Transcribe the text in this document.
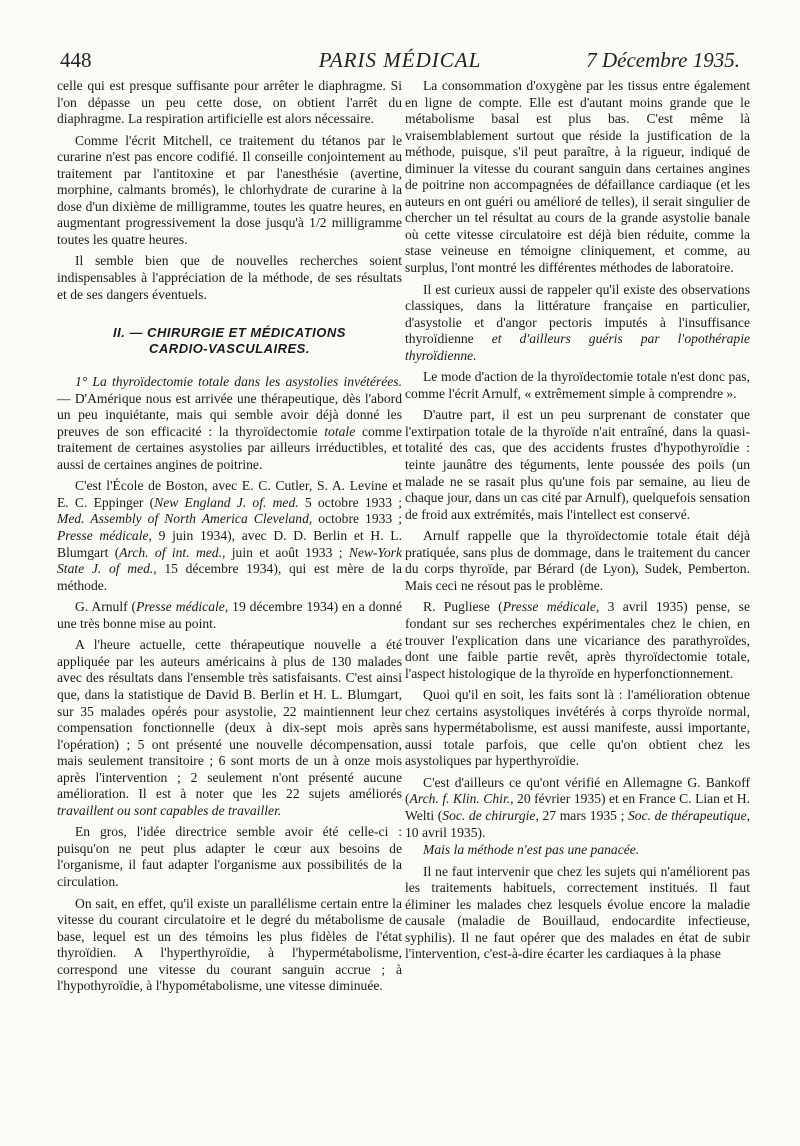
448	PARIS MÉDICAL	7 Décembre 1935.

celle qui est presque suffisante pour arrêter le diaphragme. Si l'on dépasse un peu cette dose, on obtient l'arrêt du diaphragme. La respiration artificielle est alors nécessaire.

Comme l'écrit Mitchell, ce traitement du tétanos par le curarine n'est pas encore codifié. Il conseille conjointement au traitement par l'antitoxine et par l'anesthésie (avertine, morphine, calmants bromés), le chlorhydrate de curarine à la dose d'un dixième de milligramme, toutes les quatre heures, en augmentant progressivement la dose jusqu'à 1/2 milligramme toutes les quatre heures.

Il semble bien que de nouvelles recherches soient indispensables à l'appréciation de la méthode, de ses résultats et de ses dangers éventuels.

II. — CHIRURGIE ET MÉDICATIONS
CARDIO-VASCULAIRES.

1° La thyroïdectomie totale dans les asystolies invétérées. — D'Amérique nous est arrivée une thérapeutique, dès l'abord un peu inquiétante, mais qui semble avoir déjà donné les preuves de son efficacité : la thyroïdectomie totale comme traitement de certaines asystolies par ailleurs irréductibles, et aussi de certaines angines de poitrine.

C'est l'École de Boston, avec E. C. Cutler, S. A. Levine et E. C. Eppinger (New England J. of. med. 5 octobre 1933 ; Med. Assembly of North America Cleveland, octobre 1933 ; Presse médicale, 9 juin 1934), avec D. D. Berlin et H. L. Blumgart (Arch. of int. med., juin et août 1933 ; New-York State J. of med., 15 décembre 1934), qui est mère de la méthode.

G. Arnulf (Presse médicale, 19 décembre 1934) en a donné une très bonne mise au point.

A l'heure actuelle, cette thérapeutique nouvelle a été appliquée par les auteurs américains à plus de 130 malades avec des résultats dans l'ensemble très satisfaisants. C'est ainsi que, dans la statistique de David B. Berlin et H. L. Blumgart, sur 35 malades opérés pour asystolie, 22 maintiennent leur compensation fonctionnelle (deux à dix-sept mois après l'opération) ; 5 ont présenté une nouvelle décompensation, mais seulement transitoire ; 6 sont morts de un à onze mois après l'intervention ; 2 seulement n'ont présenté aucune amélioration. Il est à noter que les 22 sujets améliorés travaillent ou sont capables de travailler.

En gros, l'idée directrice semble avoir été celle-ci : puisqu'on ne peut plus adapter le cœur aux besoins de l'organisme, il faut adapter l'organisme aux possibilités de la circulation.

On sait, en effet, qu'il existe un parallélisme certain entre la vitesse du courant circulatoire et le degré du métabolisme de base, lequel est un des témoins les plus fidèles de l'état thyroïdien. A l'hyperthyroïdie, à l'hypermétabolisme, correspond une vitesse du courant sanguin accrue ; à l'hypothyroïdie, à l'hypométabolisme, une vitesse diminuée.

La consommation d'oxygène par les tissus entre également en ligne de compte. Elle est d'autant moins grande que le métabolisme basal est plus bas. C'est même là vraisemblablement surtout que réside la justification de la méthode, puisque, s'il peut paraître, à la rigueur, indiqué de diminuer la vitesse du courant sanguin dans certaines angines de poitrine non accompagnées de défaillance cardiaque (et les auteurs en ont guéri ou amélioré de telles), il serait singulier de chercher un tel résultat au cours de la grande asystolie banale où cette vitesse circulatoire est déjà bien réduite, comme la stase veineuse en témoigne cliniquement, et comme, au surplus, l'ont montré les différentes méthodes de laboratoire.

Il est curieux aussi de rappeler qu'il existe des observations classiques, dans la littérature française en particulier, d'asystolie et d'angor pectoris imputés à l'insuffisance thyroïdienne et d'ailleurs guéris par l'opothérapie thyroïdienne.

Le mode d'action de la thyroïdectomie totale n'est donc pas, comme l'écrit Arnulf, « extrêmement simple à comprendre ».

D'autre part, il est un peu surprenant de constater que l'extirpation totale de la thyroïde n'ait entraîné, dans la quasi-totalité des cas, que des accidents frustes d'hypothyroïdie : teinte jaunâtre des téguments, lente poussée des poils (un malade ne se rasait plus qu'une fois par semaine, au lieu de chaque jour, dans un cas cité par Arnulf), quelquefois sensation de froid aux extrémités, mais l'intellect est conservé.

Arnulf rappelle que la thyroïdectomie totale était déjà pratiquée, sans plus de dommage, dans le traitement du cancer du corps thyroïde, par Bérard (de Lyon), Sudek, Pemberton. Mais ceci ne résout pas le problème.

R. Pugliese (Presse médicale, 3 avril 1935) pense, se fondant sur ses recherches expérimentales chez le chien, en trouver l'explication dans une vicariance des parathyroïdes, dont une faible partie revêt, après thyroïdectomie totale, l'aspect histologique de la thyroïde en hyperfonctionnement.

Quoi qu'il en soit, les faits sont là : l'amélioration obtenue chez certains asystoliques invétérés à corps thyroïde normal, sans hypermétabolisme, est aussi manifeste, aussi importante, aussi totale parfois, que celle qu'on obtient chez les asystoliques par hyperthyroïdie.

C'est d'ailleurs ce qu'ont vérifié en Allemagne G. Bankoff (Arch. f. Klin. Chir., 20 février 1935) et en France C. Lian et H. Welti (Soc. de chirurgie, 27 mars 1935 ; Soc. de thérapeutique, 10 avril 1935).

Mais la méthode n'est pas une panacée.

Il ne faut intervenir que chez les sujets qui n'améliorent pas les traitements habituels, correctement institués. Il faut éliminer les malades chez lesquels évolue encore la maladie causale (maladie de Bouillaud, endocardite infectieuse, syphilis). Il ne faut opérer que des malades en état de subir l'intervention, c'est-à-dire écarter les cardiaques à la phase
